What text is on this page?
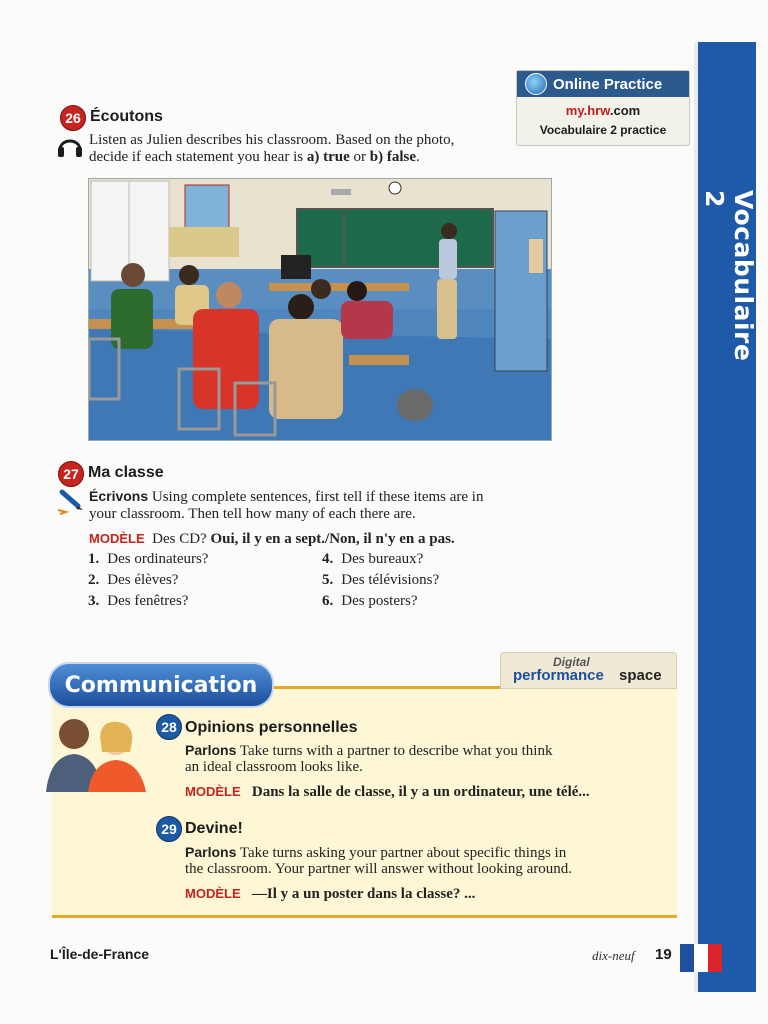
Vocabulaire 2
Online Practice
my.hrw.com
Vocabulaire 2 practice
26 Écoutons
Listen as Julien describes his classroom. Based on the photo,
decide if each statement you hear is a) true or b) false.
27 Ma classe
Écrivons Using complete sentences, first tell if these items are in
your classroom. Then tell how many of each there are.
MODÈLE Des CD? Oui, il y en a sept./Non, il n'y en a pas.
1. Des ordinateurs?
2. Des élèves?
3. Des fenêtres?
4. Des bureaux?
5. Des télévisions?
6. Des posters?
Digital
performance space
Communication
28 Opinions personnelles
Parlons Take turns with a partner to describe what you think
an ideal classroom looks like.
MODÈLE Dans la salle de classe, il y a un ordinateur, une télé...
29 Devine!
Parlons Take turns asking your partner about specific things in
the classroom. Your partner will answer without looking around.
MODÈLE —Il y a un poster dans la classe? ...
L'Île-de-France	dix-neuf 19
